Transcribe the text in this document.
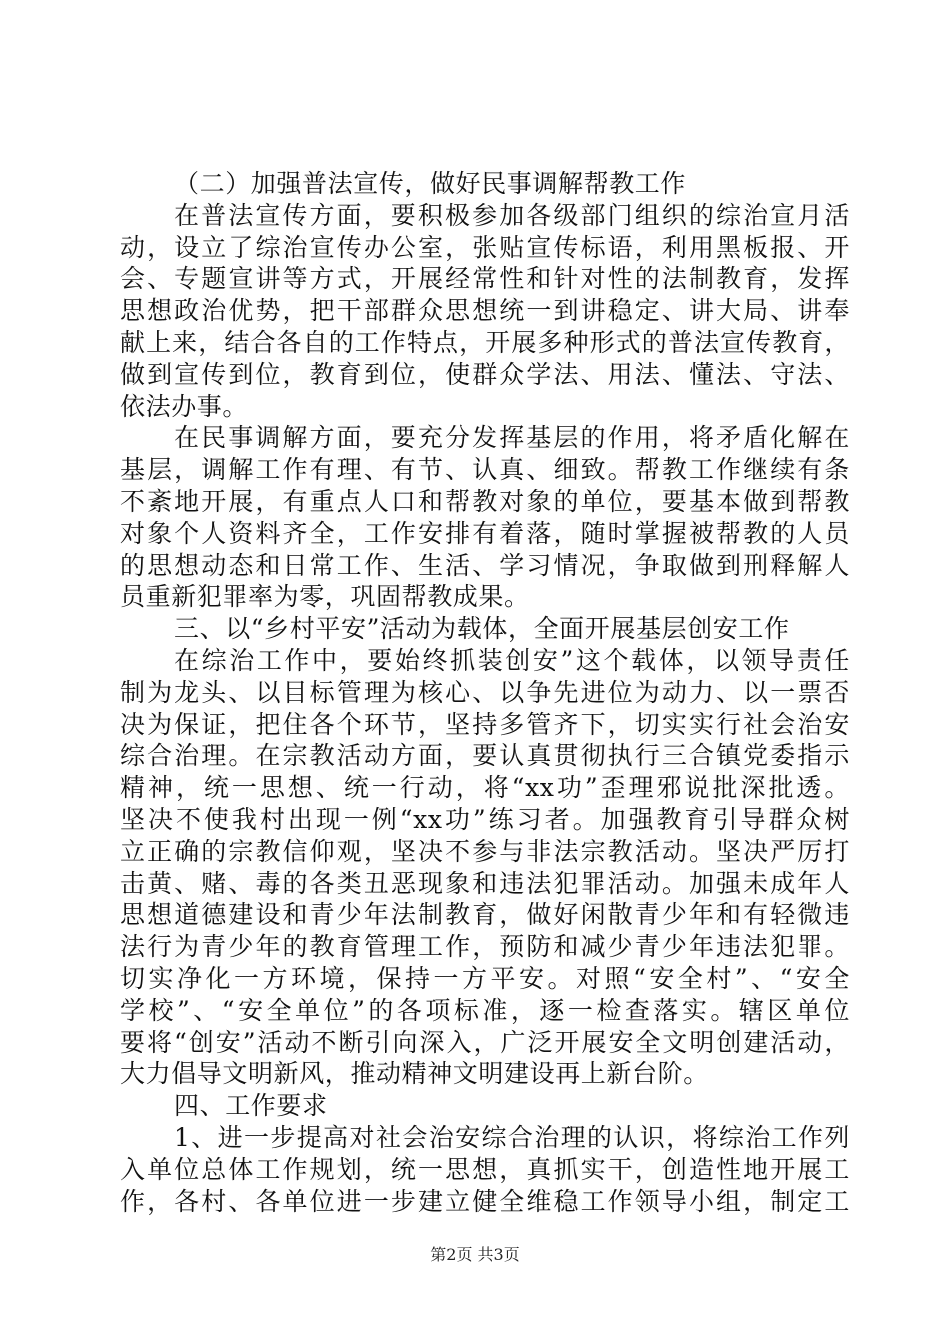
（二）加强普法宣传，做好民事调解帮教工作
在普法宣传方面，要积极参加各级部门组织的综治宣月活
动，设立了综治宣传办公室，张贴宣传标语，利用黑板报、开
会、专题宣讲等方式，开展经常性和针对性的法制教育，发挥
思想政治优势，把干部群众思想统一到讲稳定、讲大局、讲奉
献上来，结合各自的工作特点，开展多种形式的普法宣传教育，
做到宣传到位，教育到位，使群众学法、用法、懂法、守法、
依法办事。
在民事调解方面，要充分发挥基层的作用，将矛盾化解在
基层，调解工作有理、有节、认真、细致。帮教工作继续有条
不紊地开展，有重点人口和帮教对象的单位，要基本做到帮教
对象个人资料齐全，工作安排有着落，随时掌握被帮教的人员
的思想动态和日常工作、生活、学习情况，争取做到刑释解人
员重新犯罪率为零，巩固帮教成果。
三、以“乡村平安”活动为载体，全面开展基层创安工作
在综治工作中，要始终抓装创安”这个载体，以领导责任
制为龙头、以目标管理为核心、以争先进位为动力、以一票否
决为保证，把住各个环节，坚持多管齐下，切实实行社会治安
综合治理。在宗教活动方面，要认真贯彻执行三合镇党委指示
精神，统一思想、统一行动，将“xx功”歪理邪说批深批透。
坚决不使我村出现一例“xx功”练习者。加强教育引导群众树
立正确的宗教信仰观，坚决不参与非法宗教活动。坚决严厉打
击黄、赌、毒的各类丑恶现象和违法犯罪活动。加强未成年人
思想道德建设和青少年法制教育，做好闲散青少年和有轻微违
法行为青少年的教育管理工作，预防和减少青少年违法犯罪。
切实净化一方环境，保持一方平安。对照“安全村”、“安全
学校”、“安全单位”的各项标准，逐一检查落实。辖区单位
要将“创安”活动不断引向深入，广泛开展安全文明创建活动，
大力倡导文明新风，推动精神文明建设再上新台阶。
四、工作要求
1、进一步提高对社会治安综合治理的认识，将综治工作列
入单位总体工作规划，统一思想，真抓实干，创造性地开展工
作，各村、各单位进一步建立健全维稳工作领导小组，制定工
第2页 共3页
